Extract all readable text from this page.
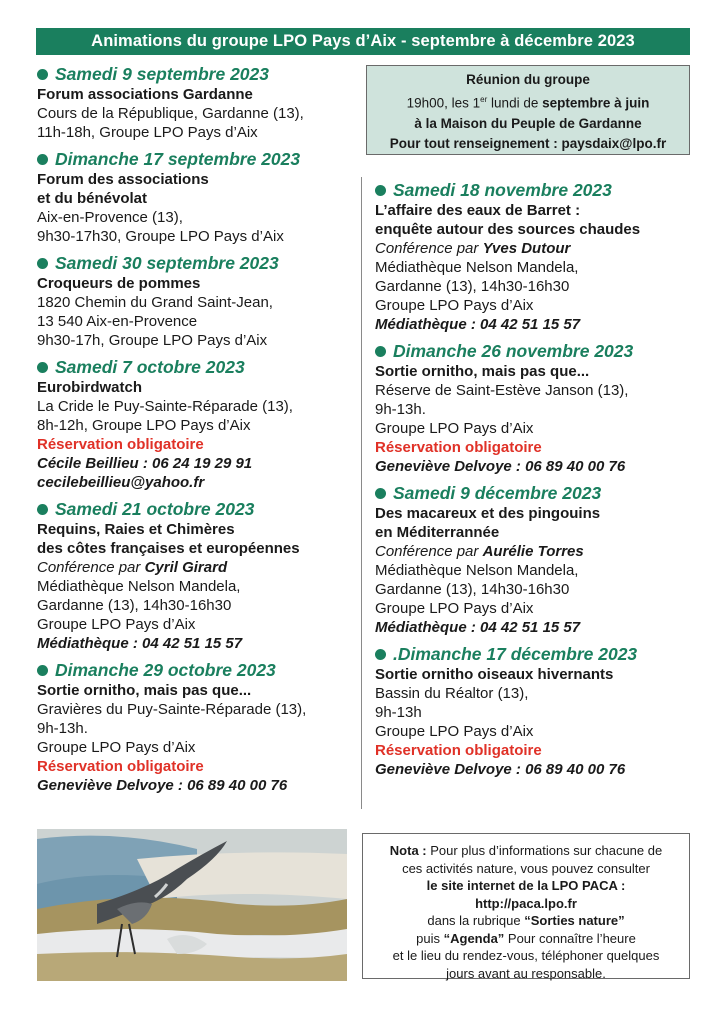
Animations du groupe LPO Pays d’Aix - septembre à décembre 2023
Samedi 9 septembre 2023
Forum associations Gardanne
Cours de la République, Gardanne (13),
11h-18h, Groupe LPO Pays d’Aix
Dimanche 17 septembre 2023
Forum des associations
et du bénévolat
Aix-en-Provence (13),
9h30-17h30, Groupe LPO Pays d’Aix
Samedi 30 septembre 2023
Croqueurs de pommes
1820 Chemin du Grand Saint-Jean,
13 540 Aix-en-Provence
9h30-17h, Groupe LPO Pays d’Aix
Samedi 7 octobre 2023
Eurobirdwatch
La Cride le Puy-Sainte-Réparade (13),
8h-12h, Groupe LPO Pays d’Aix
Réservation obligatoire
Cécile Beillieu : 06 24 19 29 91
cecilebeillieu@yahoo.fr
Samedi 21 octobre 2023
Requins, Raies et Chimères
des côtes françaises et européennes
Conférence par Cyril Girard
Médiathèque Nelson Mandela,
Gardanne (13), 14h30-16h30
Groupe LPO Pays d’Aix
Médiathèque : 04 42 51 15 57
Dimanche 29 octobre 2023
Sortie ornitho, mais pas que...
Gravières du Puy-Sainte-Réparade (13),
9h-13h.
Groupe LPO Pays d’Aix
Réservation obligatoire
Geneviève Delvoye : 06 89 40 00 76
Réunion du groupe
19h00, les 1er lundi de septembre à juin
à la Maison du Peuple de Gardanne
Pour tout renseignement : paysdaix@lpo.fr
Samedi 18 novembre 2023
L’affaire des eaux de Barret :
enquête autour des sources chaudes
Conférence par Yves Dutour
Médiathèque Nelson Mandela,
Gardanne (13), 14h30-16h30
Groupe LPO Pays d’Aix
Médiathèque : 04 42 51 15 57
Dimanche 26 novembre 2023
Sortie ornitho, mais pas que...
Réserve de Saint-Estève Janson (13),
9h-13h.
Groupe LPO Pays d’Aix
Réservation obligatoire
Geneviève Delvoye : 06 89 40 00 76
Samedi 9 décembre 2023
Des macareux et des pingouins
en Méditerrannée
Conférence par Aurélie Torres
Médiathèque Nelson Mandela,
Gardanne (13), 14h30-16h30
Groupe LPO Pays d’Aix
Médiathèque : 04 42 51 15 57
.Dimanche 17 décembre 2023
Sortie ornitho oiseaux hivernants
Bassin du Réaltor (13),
9h-13h
Groupe LPO Pays d’Aix
Réservation obligatoire
Geneviève Delvoye : 06 89 40 00 76
Nota : Pour plus d’informations sur chacune de
ces activités nature, vous pouvez consulter
le site internet de la LPO PACA :
http://paca.lpo.fr
dans la rubrique “Sorties nature”
puis “Agenda” Pour connaître l’heure
et le lieu du rendez-vous, téléphoner quelques
jours avant au responsable.
